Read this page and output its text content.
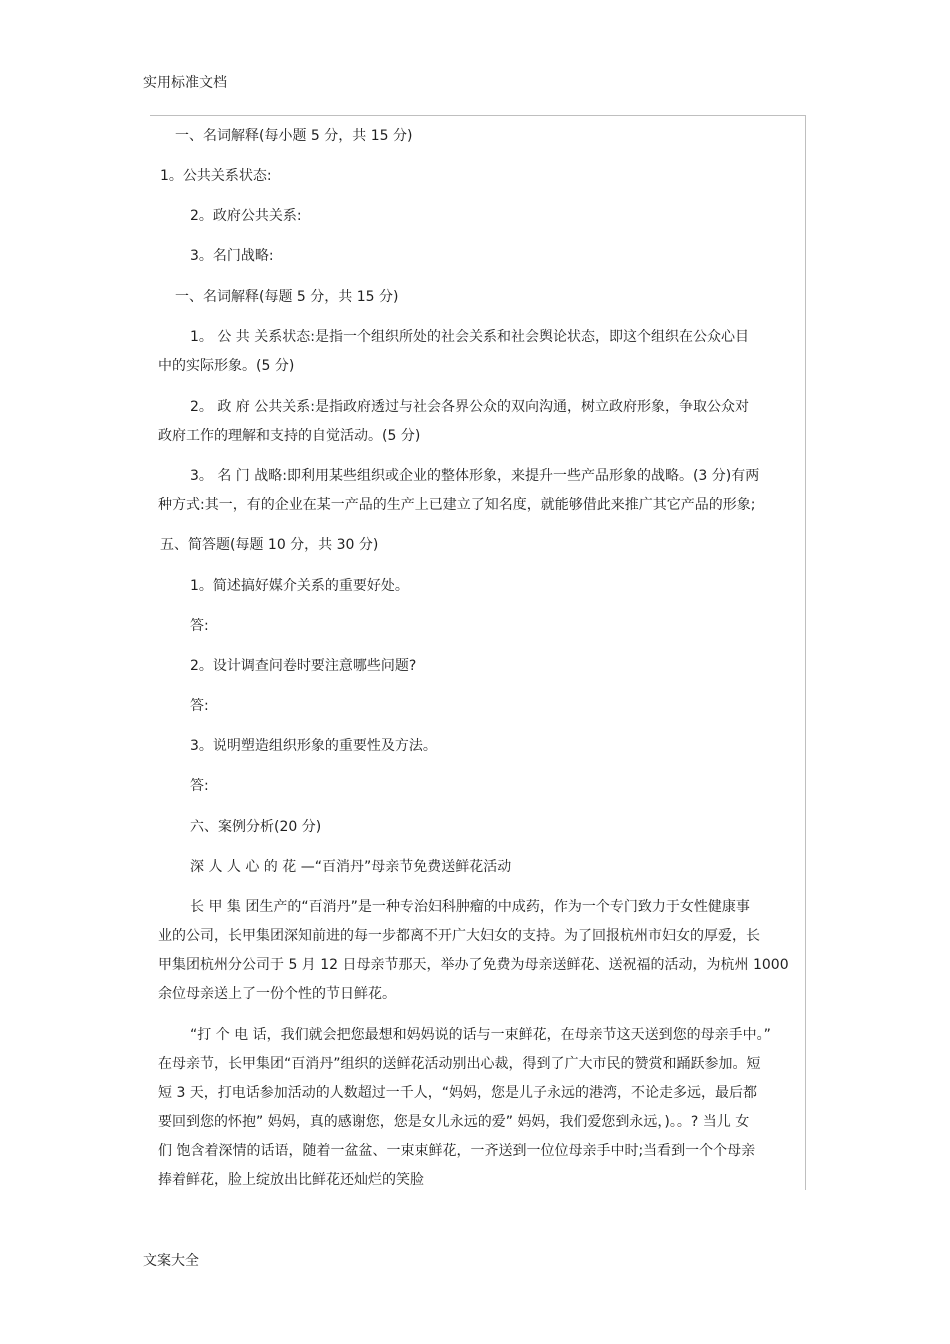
实用标准文档
一、名词解释(每小题 5 分，共 15 分)
1。公共关系状态:
2。政府公共关系:
3。名门战略:
一、名词解释(每题 5 分，共 15 分)
1。 公 共 关系状态:是指一个组织所处的社会关系和社会舆论状态，即这个组织在公众心目
中的实际形象。(5 分)
2。 政 府 公共关系:是指政府透过与社会各界公众的双向沟通，树立政府形象，争取公众对
政府工作的理解和支持的自觉活动。(5 分)
3。 名 门 战略:即利用某些组织或企业的整体形象，来提升一些产品形象的战略。(3 分)有两
种方式:其一，有的企业在某一产品的生产上已建立了知名度，就能够借此来推广其它产品的形象;
五、简答题(每题 10 分，共 30 分)
1。简述搞好媒介关系的重要好处。
答:
2。设计调查问卷时要注意哪些问题?
答:
3。说明塑造组织形象的重要性及方法。
答:
六、案例分析(20 分)
深 人 人 心 的 花 —“百消丹”母亲节免费送鲜花活动
长 甲 集 团生产的“百消丹”是一种专治妇科肿瘤的中成药，作为一个专门致力于女性健康事
业的公司，长甲集团深知前进的每一步都离不开广大妇女的支持。为了回报杭州市妇女的厚爱，长
甲集团杭州分公司于 5 月 12 日母亲节那天，举办了免费为母亲送鲜花、送祝福的活动，为杭州 1000
余位母亲送上了一份个性的节日鲜花。
“打 个 电 话，我们就会把您最想和妈妈说的话与一束鲜花，在母亲节这天送到您的母亲手中。”
在母亲节，长甲集团“百消丹”组织的送鲜花活动别出心裁，得到了广大市民的赞赏和踊跃参加。短
短 3 天，打电话参加活动的人数超过一千人，“妈妈，您是儿子永远的港湾，不论走多远，最后都
要回到您的怀抱” 妈妈，真的感谢您，您是女儿永远的爱” 妈妈，我们爱您到永远，)。。? 当儿 女
们 饱含着深情的话语，随着一盆盆、一束束鲜花，一齐送到一位位母亲手中时;当看到一个个母亲
捧着鲜花，脸上绽放出比鲜花还灿烂的笑脸
文案大全
